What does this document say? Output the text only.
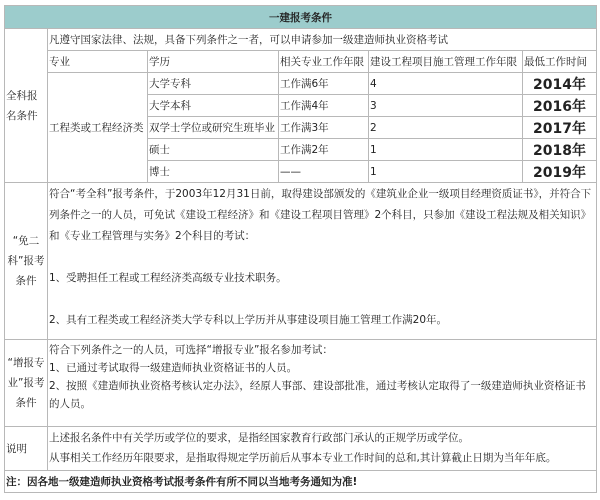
一建报考条件					
全科报名条件	凡遵守国家法律、法规，具备下列条件之一者，可以申请参加一级建造师执业资格考试				
	专业	学历	相关专业工作年限	建设工程项目施工管理工作年限	最低工作时间
	工程类或工程经济类	大学专科	工作满6年	4	2014年
		大学本科	工作满4年	3	2016年
		双学士学位或研究生班毕业	工作满3年	2	2017年
		硕士	工作满2年	1	2018年
		博士	——	1	2019年
“免二科”报考条件	符合“考全科”报考条件，于2003年12月31日前，取得建设部颁发的《建筑业企业一级项目经理资质证书》，并符合下列条件之一的人员，可免试《建设工程经济》和《建设工程项目管理》2个科目，只参加《建设工程法规及相关知识》和《专业工程管理与实务》2个科目的考试：

1、受聘担任工程或工程经济类高级专业技术职务。

2、具有工程类或工程经济类大学专科以上学历并从事建设项目施工管理工作满20年。				

“增报专业”报考条件	符合下列条件之一的人员，可选择“增报专业”报名参加考试：

1、已通过考试取得一级建造师执业资格证书的人员。

2、按照《建造师执业资格考核认定办法》，经原人事部、建设部批准，通过考核认定取得了一级建造师执业资格证书的人员。				

说明	上述报名条件中有关学历或学位的要求，是指经国家教育行政部门承认的正规学历或学位。

从事相关工作经历年限要求，是指取得规定学历前后从事本专业工作时间的总和,其计算截止日期为当年年底。				

注：因各地一级建造师执业资格考试报考条件有所不同以当地考务通知为准!					
